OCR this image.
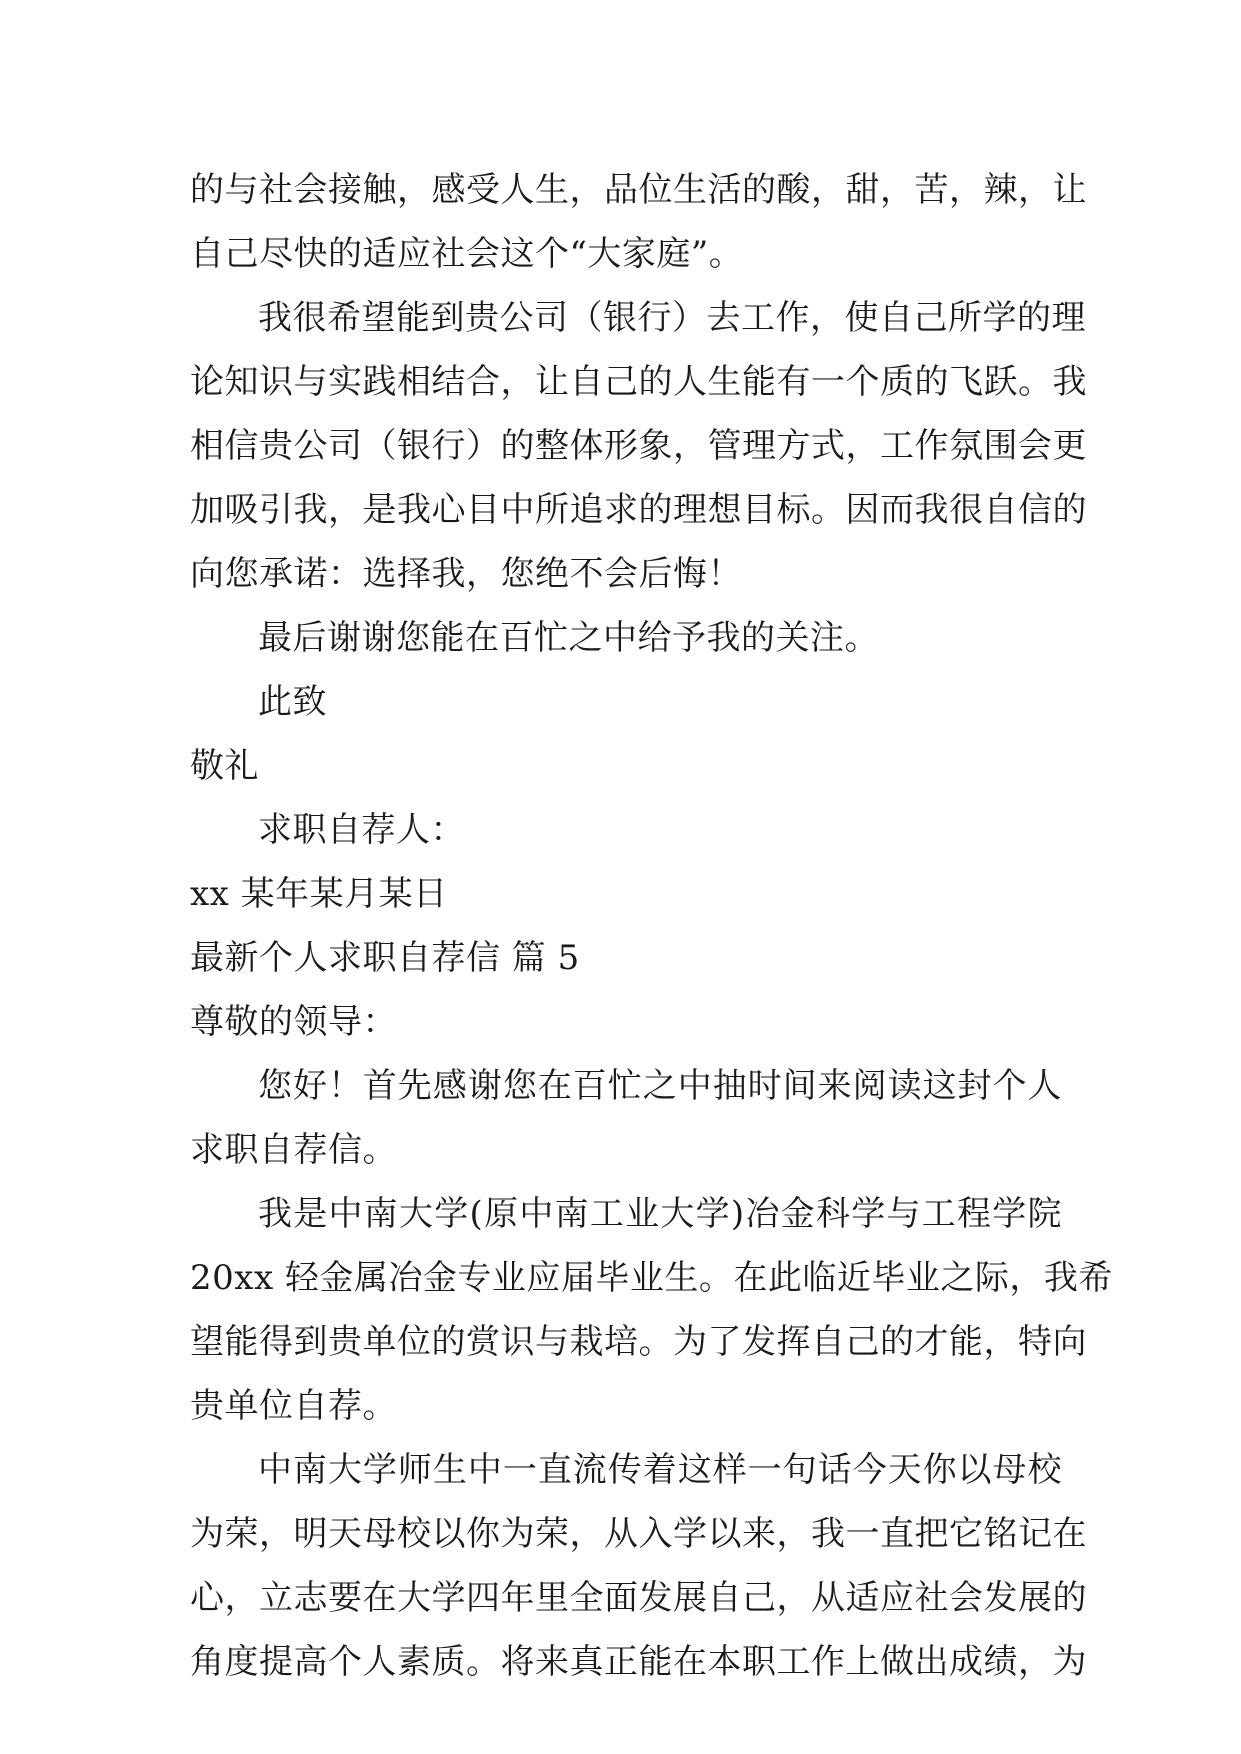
的与社会接触，感受人生，品位生活的酸，甜，苦，辣，让
自己尽快的适应社会这个“大家庭”。
我很希望能到贵公司（银行）去工作，使自己所学的理
论知识与实践相结合，让自己的人生能有一个质的飞跃。我
相信贵公司（银行）的整体形象，管理方式，工作氛围会更
加吸引我，是我心目中所追求的理想目标。因而我很自信的
向您承诺：选择我，您绝不会后悔！
最后谢谢您能在百忙之中给予我的关注。
此致
敬礼
求职自荐人：
xx 某年某月某日
最新个人求职自荐信 篇 5
尊敬的领导：
您好！首先感谢您在百忙之中抽时间来阅读这封个人
求职自荐信。
我是中南大学(原中南工业大学)冶金科学与工程学院
20xx 轻金属冶金专业应届毕业生。在此临近毕业之际，我希
望能得到贵单位的赏识与栽培。为了发挥自己的才能，特向
贵单位自荐。
中南大学师生中一直流传着这样一句话今天你以母校
为荣，明天母校以你为荣，从入学以来，我一直把它铭记在
心，立志要在大学四年里全面发展自己，从适应社会发展的
角度提高个人素质。将来真正能在本职工作上做出成绩，为
